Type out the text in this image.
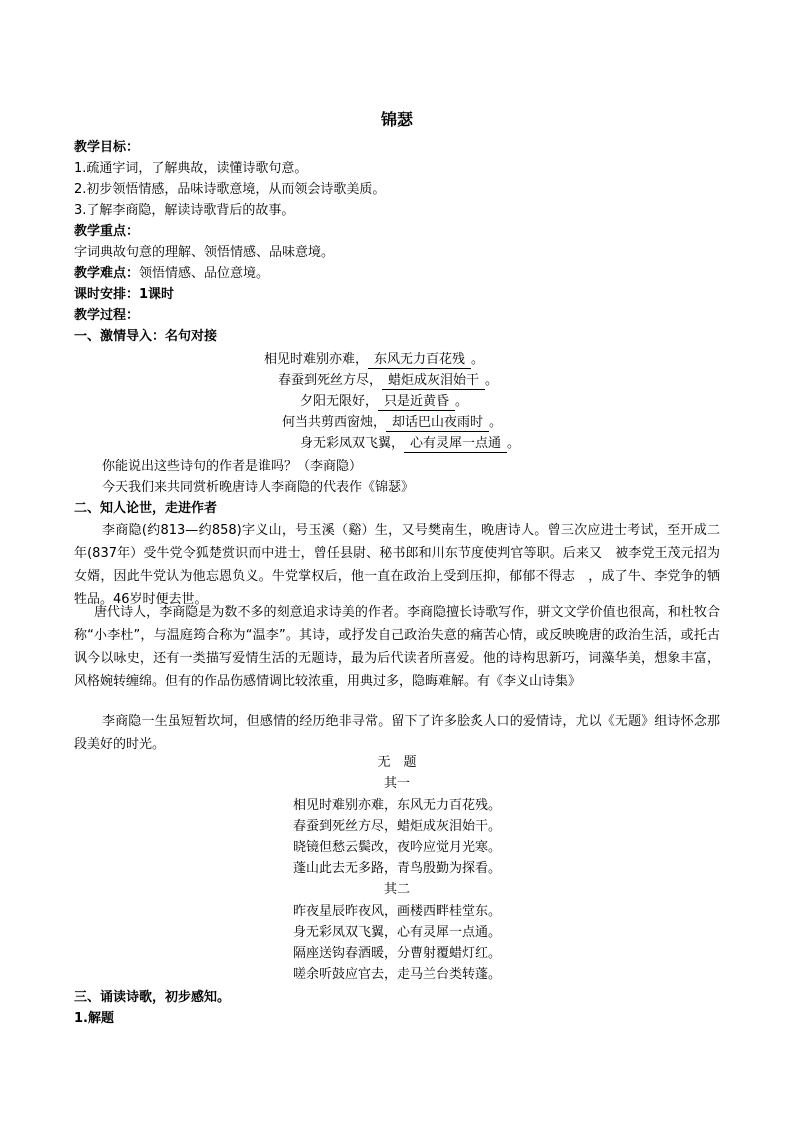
锦瑟
教学目标：
1.疏通字词，了解典故，读懂诗歌句意。
2.初步领悟情感，品味诗歌意境，从而领会诗歌美质。
3.了解李商隐，解读诗歌背后的故事。
教学重点：
字词典故句意的理解、领悟情感、品味意境。
教学难点：领悟情感、品位意境。
课时安排：1课时
教学过程：
一、激情导入：名句对接
相见时难别亦难， 东风无力百花残 。
春蚕到死丝方尽， 蜡炬成灰泪始干 。
夕阳无限好， 只是近黄昏 。
何当共剪西窗烛， 却话巴山夜雨时 。
身无彩凤双飞翼， 心有灵犀一点通 。
你能说出这些诗句的作者是谁吗？（李商隐）
今天我们来共同赏析晚唐诗人李商隐的代表作《锦瑟》
二、知人论世，走进作者
李商隐(约813—约858)字义山，号玉溪（谿）生，又号樊南生，晚唐诗人。曾三次应进士考试，至开成二年(837年）受牛党令狐楚赏识而中进士，曾任县尉、秘书郎和川东节度使判官等职。后来又　被李党王茂元招为女婿，因此牛党认为他忘恩负义。牛党掌权后，他一直在政治上受到压抑，郁郁不得志　，成了牛、李党争的牺牲品。46岁时便去世。
唐代诗人，李商隐是为数不多的刻意追求诗美的作者。李商隐擅长诗歌写作，骈文文学价值也很高，和杜牧合称“小李杜”，与温庭筠合称为“温李”。其诗，或抒发自己政治失意的痛苦心情，或反映晚唐的政治生活，或托古讽今以咏史，还有一类描写爱情生活的无题诗，最为后代读者所喜爱。他的诗构思新巧，词藻华美，想象丰富，风格婉转缠绵。但有的作品伤感情调比较浓重，用典过多，隐晦难解。有《李义山诗集》
李商隐一生虽短暂坎坷，但感情的经历绝非寻常。留下了许多脍炙人口的爱情诗，尤以《无题》组诗怀念那段美好的时光。
无　题
其一
相见时难别亦难，东风无力百花残。
春蚕到死丝方尽，蜡炬成灰泪始干。
晓镜但愁云鬓改，夜吟应觉月光寒。
蓬山此去无多路，青鸟殷勤为探看。
其二
昨夜星辰昨夜风，画楼西畔桂堂东。
身无彩凤双飞翼，心有灵犀一点通。
隔座送钩春酒暖，分曹射覆蜡灯红。
嗟余听鼓应官去，走马兰台类转蓬。
三、诵读诗歌，初步感知。
1.解题
